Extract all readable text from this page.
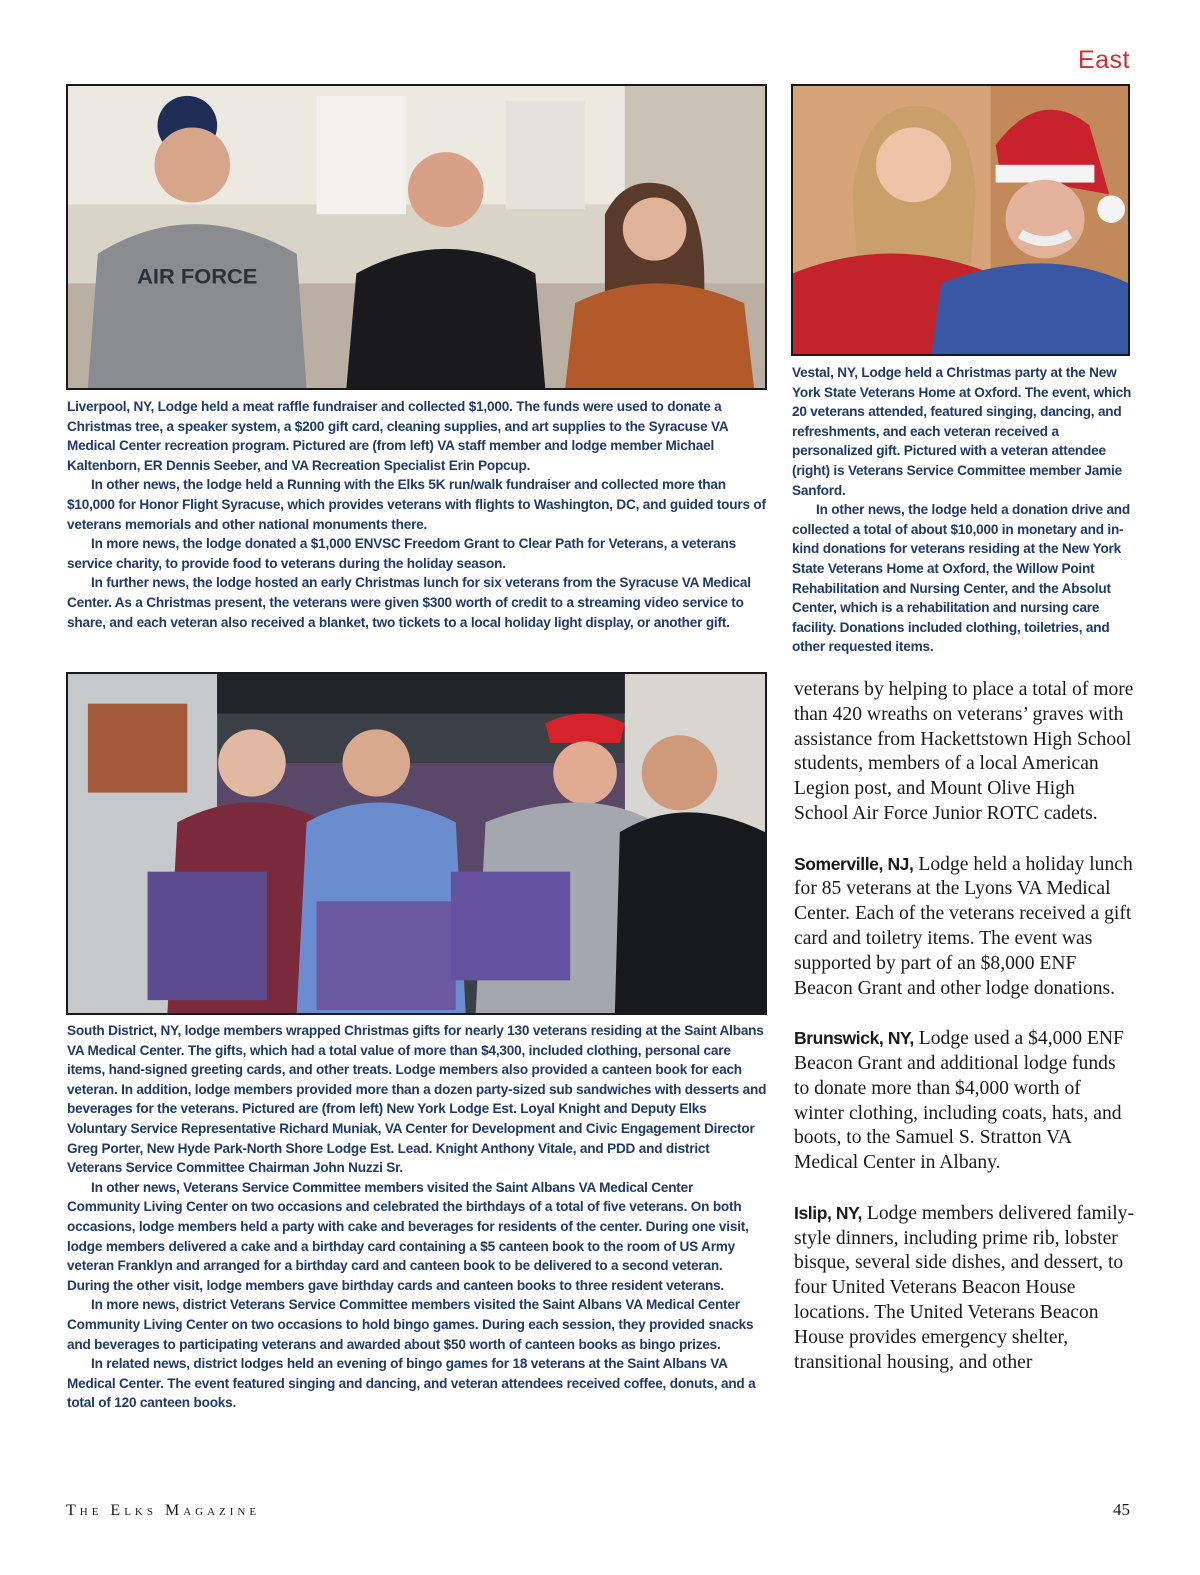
East
AIR FORCE

Liverpool, NY, Lodge held a meat raffle fundraiser and collected $1,000. The funds were used to donate a Christmas tree, a speaker system, a $200 gift card, cleaning supplies, and art supplies to the Syracuse VA Medical Center recreation program. Pictured are (from left) VA staff member and lodge member Michael Kaltenborn, ER Dennis Seeber, and VA Recreation Specialist Erin Popcup.

In other news, the lodge held a Running with the Elks 5K run/walk fundraiser and collected more than $10,000 for Honor Flight Syracuse, which provides veterans with flights to Washington, DC, and guided tours of veterans memorials and other national monuments there.

In more news, the lodge donated a $1,000 ENVSC Freedom Grant to Clear Path for Veterans, a veterans service charity, to provide food to veterans during the holiday season.

In further news, the lodge hosted an early Christmas lunch for six veterans from the Syracuse VA Medical Center. As a Christmas present, the veterans were given $300 worth of credit to a streaming video service to share, and each veteran also received a blanket, two tickets to a local holiday light display, or another gift.

Vestal, NY, Lodge held a Christmas party at the New York State Veterans Home at Oxford. The event, which 20 veterans attended, featured singing, dancing, and refreshments, and each veteran received a personalized gift. Pictured with a veteran attendee (right) is Veterans Service Committee member Jamie Sanford.

In other news, the lodge held a donation drive and collected a total of about $10,000 in monetary and in-kind donations for veterans residing at the New York State Veterans Home at Oxford, the Willow Point Rehabilitation and Nursing Center, and the Absolut Center, which is a rehabilitation and nursing care facility. Donations included clothing, toiletries, and other requested items.

South District, NY, lodge members wrapped Christmas gifts for nearly 130 veterans residing at the Saint Albans VA Medical Center. The gifts, which had a total value of more than $4,300, included clothing, personal care items, hand-signed greeting cards, and other treats. Lodge members also provided a canteen book for each veteran. In addition, lodge members provided more than a dozen party-sized sub sandwiches with desserts and beverages for the veterans. Pictured are (from left) New York Lodge Est. Loyal Knight and Deputy Elks Voluntary Service Representative Richard Muniak, VA Center for Development and Civic Engagement Director Greg Porter, New Hyde Park-North Shore Lodge Est. Lead. Knight Anthony Vitale, and PDD and district Veterans Service Committee Chairman John Nuzzi Sr.

In other news, Veterans Service Committee members visited the Saint Albans VA Medical Center Community Living Center on two occasions and celebrated the birthdays of a total of five veterans. On both occasions, lodge members held a party with cake and beverages for residents of the center. During one visit, lodge members delivered a cake and a birthday card containing a $5 canteen book to the room of US Army veteran Franklyn and arranged for a birthday card and canteen book to be delivered to a second veteran. During the other visit, lodge members gave birthday cards and canteen books to three resident veterans.

In more news, district Veterans Service Committee members visited the Saint Albans VA Medical Center Community Living Center on two occasions to hold bingo games. During each session, they provided snacks and beverages to participating veterans and awarded about $50 worth of canteen books as bingo prizes.

In related news, district lodges held an evening of bingo games for 18 veterans at the Saint Albans VA Medical Center. The event featured singing and dancing, and veteran attendees received coffee, donuts, and a total of 120 canteen books.

veterans by helping to place a total of more than 420 wreaths on veterans’ graves with assistance from Hackettstown High School students, members of a local American Legion post, and Mount Olive High School Air Force Junior ROTC cadets.

Somerville, NJ, Lodge held a holiday lunch for 85 veterans at the Lyons VA Medical Center. Each of the veterans received a gift card and toiletry items. The event was supported by part of an $8,000 ENF Beacon Grant and other lodge donations.

Brunswick, NY, Lodge used a $4,000 ENF Beacon Grant and additional lodge funds to donate more than $4,000 worth of winter clothing, including coats, hats, and boots, to the Samuel S. Stratton VA Medical Center in Albany.

Islip, NY, Lodge members delivered family-style dinners, including prime rib, lobster bisque, several side dishes, and dessert, to four United Veterans Beacon House locations. The United Veterans Beacon House provides emergency shelter, transitional housing, and other

The Elks Magazine	45
